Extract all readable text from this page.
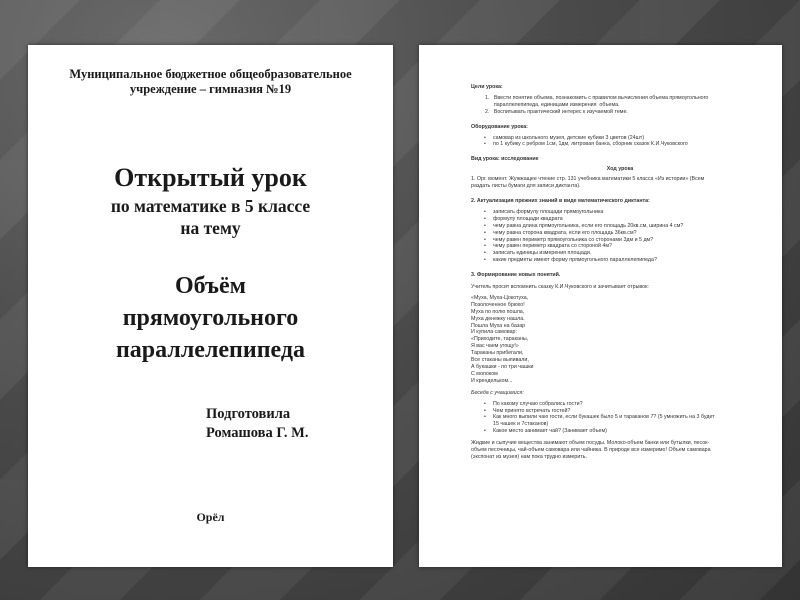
Муниципальное бюджетное общеобразовательное
учреждение – гимназия №19
Открытый урок
по математике в 5 классе
на тему
Объём
прямоугольного
параллелепипеда
Подготовила
Ромашова Г. М.
Орёл
Цели урока:
1.   Ввести понятие объема, познакомить с правилом вычисления объема прямоугольного
параллелепипеда, единицами измерения  объема.
2.   Воспитывать практический интерес к изучаемой теме.
Оборудование урока:
• самовар из школьного музея, детские кубики 3 цветов (24шт)
• по 1 кубику с ребром 1см, 1дм, литровая банка, сборник сказок К.И.Чуковского
Вид урока: исследование
Ход урока
1. Орг. момент. Жужжащее чтение стр. 131 учебника математики 5 класса «Из истории» (Всем
раздать листы бумаги для записи диктанта).
2. Актуализация прежних знаний в виде математического диктанта:
• записать формулу площади прямоугольника
• формулу площади квадрата
• чему равна длина прямоугольника, если его площадь 20кв.см, ширина 4 см?
• чему равна сторона квадрата, если его площадь 36кв.см?
• чему равен периметр прямоугольника со сторонами 3дм и 5 дм?
• чему равен периметр квадрата со стороной 4м?
• записать единицы измерения площади.
• какие предметы имеют форму прямоугольного параллелепипеда?
3. Формирование новых понятий.
Учитель просит вспомнить сказку К.И.Чуковского и зачитывает отрывок:
«Муха, Муха-Цокотуха,
Позолоченное брюхо!
Муха по полю пошла,
Муха денежку нашла.
Пошла Муха на базар
И купила самовар:
«Приходите, тараканы,
Я вас чаем угощу!»
Тараканы прибегали,
Все стаканы выпивали,
А букашки - по три чашки
С молоком
И крендельком...
Беседа с учащимися:
• По какому случаю собрались гости?
• Чем принято встречать гостей?
• Как много выпили чаю гости, если букашек было 5 и тараканов 7? (5 умножить на 3 будет
15 чашек и 7стаканов)
• Какое место занимает чай? (Занимает объем)
Жидкие и сыпучие вещества занимают объем посуды. Молоко-объем банки или бутылки, песок-
объем песочницы, чай-объем самовара или чайника. В природе все измеримо! Объем самовара
(экспонат из музея) нам пока трудно измерить.
